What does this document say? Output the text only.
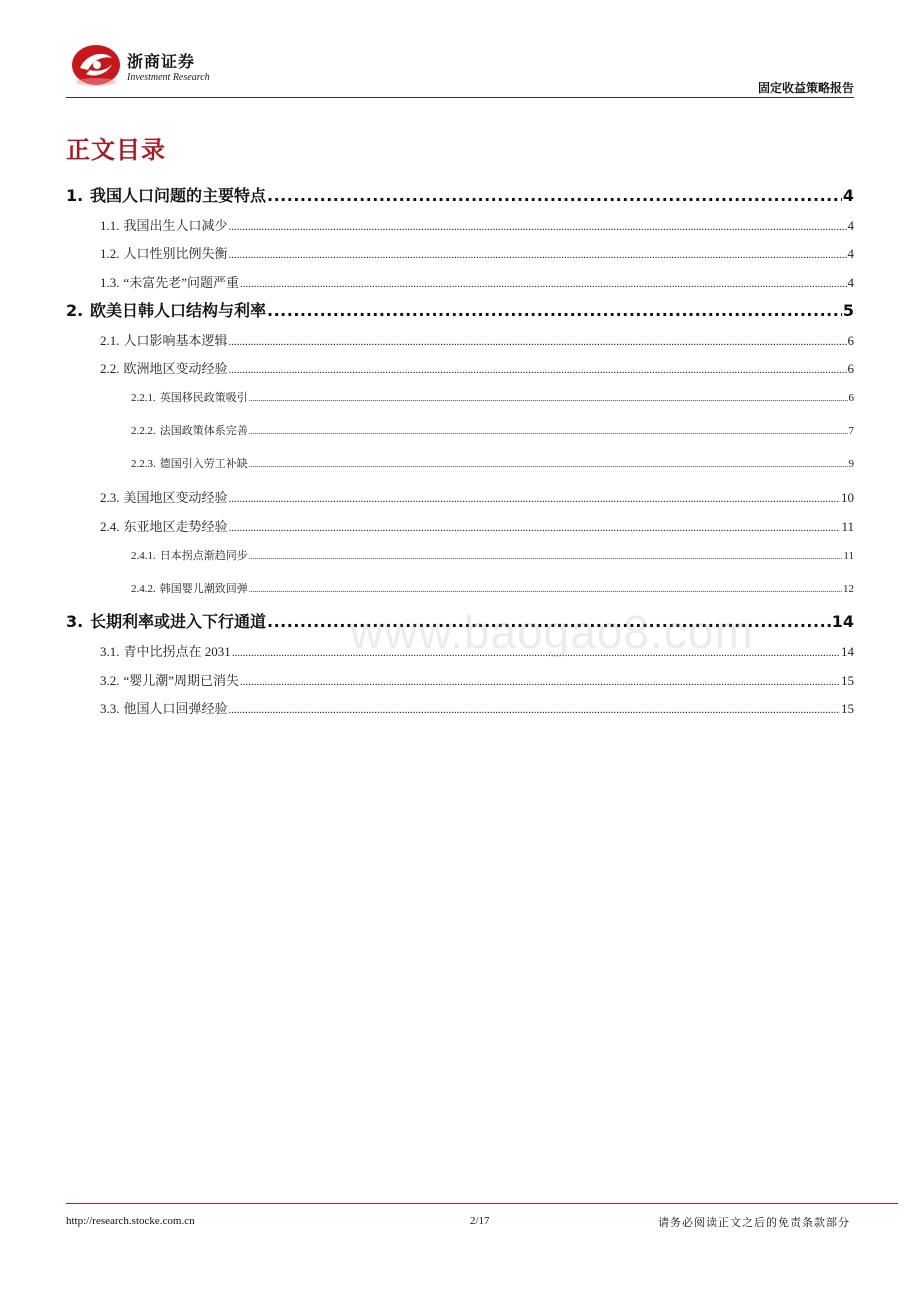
浙商证券
Investment Research
固定收益策略报告
正文目录
1. 我国人口问题的主要特点 .....	4
1.1. 我国出生人口减少 .....	4
1.2. 人口性别比例失衡 .....	4
1.3. “未富先老”问题严重 .....	4
2. 欧美日韩人口结构与利率 .....	5
2.1. 人口影响基本逻辑 .....	6
2.2. 欧洲地区变动经验 .....	6
2.2.1. 英国移民政策吸引 .....	6
2.2.2. 法国政策体系完善 .....	7
2.2.3. 德国引入劳工补缺 .....	9
2.3. 美国地区变动经验 .....	10
2.4. 东亚地区走势经验 .....	11
2.4.1. 日本拐点渐趋同步 .....	11
2.4.2. 韩国婴儿潮致回弹 .....	12
3. 长期利率或进入下行通道 .....	14
3.1. 青中比拐点在 2031 .....	14
3.2. “婴儿潮”周期已消失 .....	15
3.3. 他国人口回弹经验 .....	15
www.baogao8.com
http://research.stocke.com.cn	2/17	请务必阅读正文之后的免责条款部分
